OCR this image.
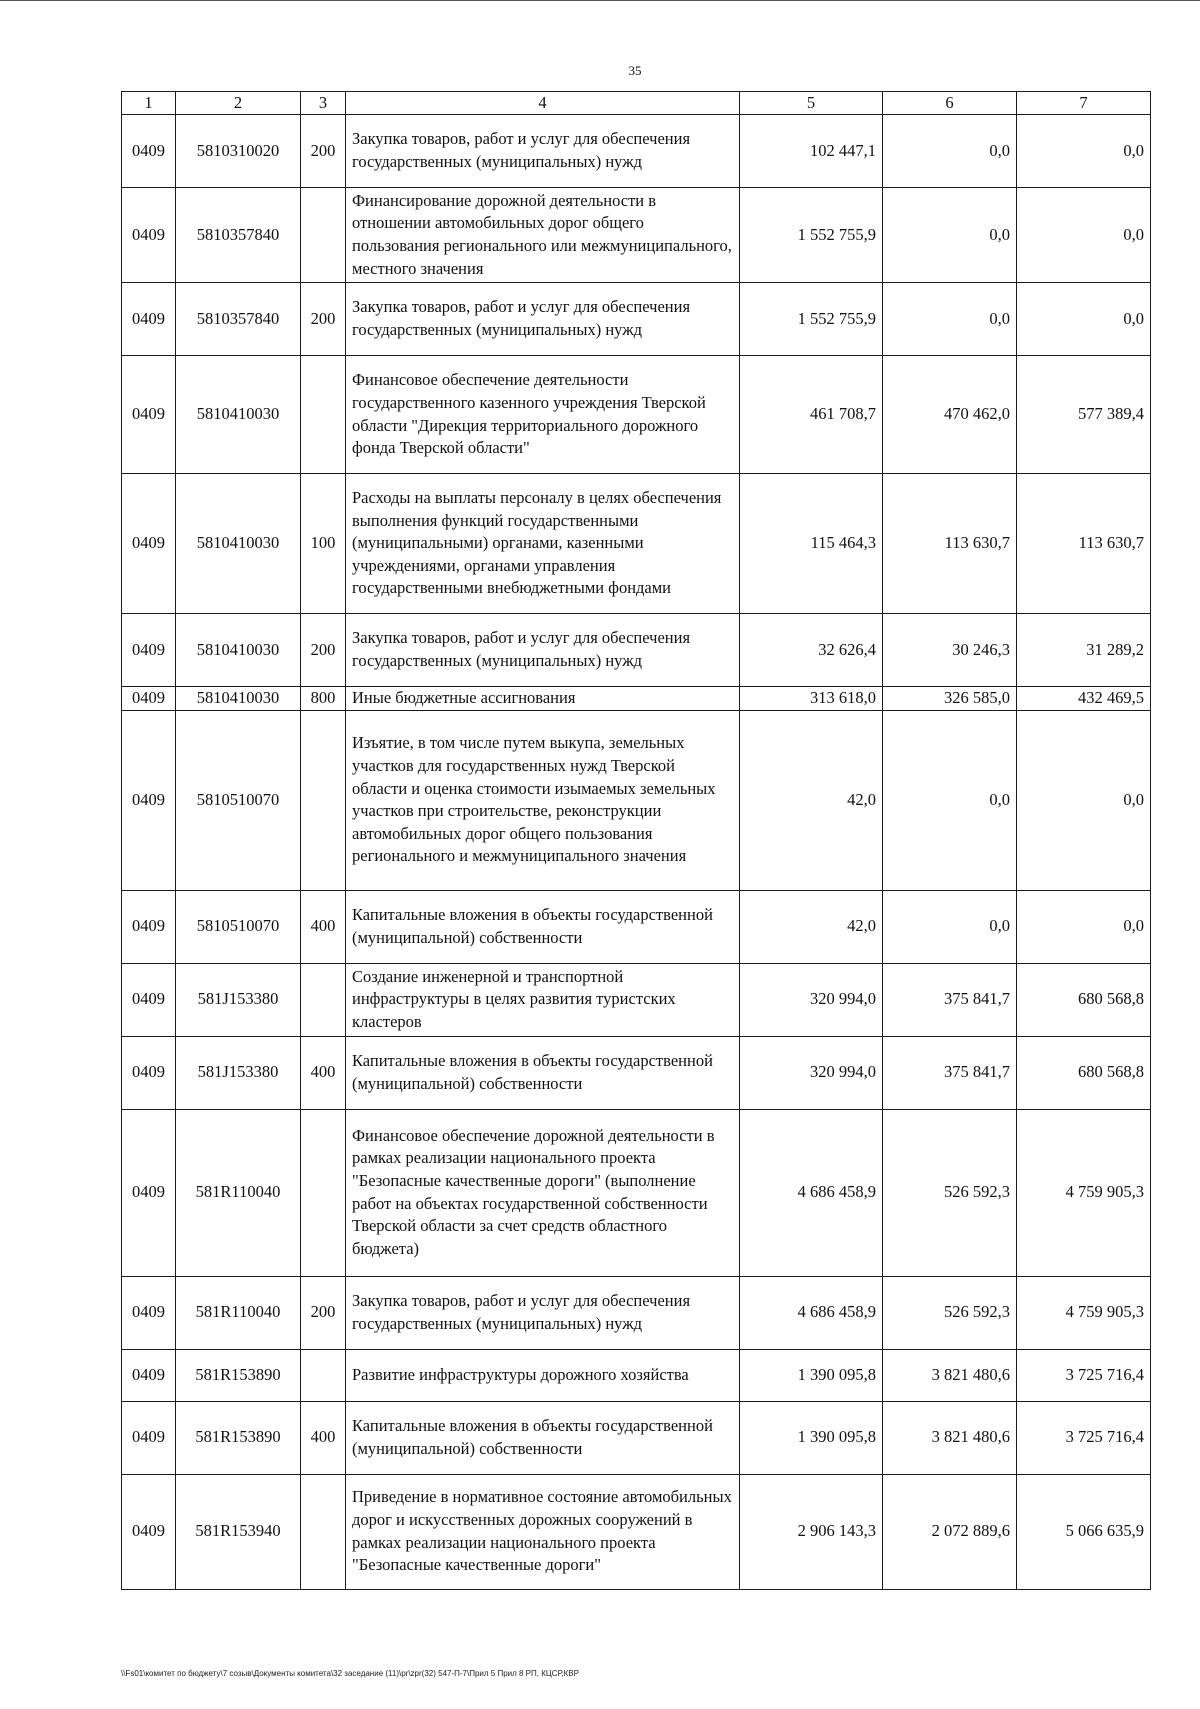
35
1	2	3	4	5	6	7
0409	5810310020	200	Закупка товаров, работ и услуг для обеспечения государственных (муниципальных) нужд	102 447,1	0,0	0,0
0409	5810357840		Финансирование дорожной деятельности в отношении автомобильных дорог общего пользования регионального или межмуниципального, местного значения	1 552 755,9	0,0	0,0
0409	5810357840	200	Закупка товаров, работ и услуг для обеспечения государственных (муниципальных) нужд	1 552 755,9	0,0	0,0
0409	5810410030		Финансовое обеспечение деятельности государственного казенного учреждения Тверской области "Дирекция территориального дорожного фонда Тверской области"	461 708,7	470 462,0	577 389,4
0409	5810410030	100	Расходы на выплаты персоналу в целях обеспечения выполнения функций государственными (муниципальными) органами, казенными учреждениями, органами управления государственными внебюджетными фондами	115 464,3	113 630,7	113 630,7
0409	5810410030	200	Закупка товаров, работ и услуг для обеспечения государственных (муниципальных) нужд	32 626,4	30 246,3	31 289,2
0409	5810410030	800	Иные бюджетные ассигнования	313 618,0	326 585,0	432 469,5
0409	5810510070		Изъятие, в том числе путем выкупа, земельных участков для государственных нужд Тверской области и оценка стоимости изымаемых земельных участков при строительстве, реконструкции автомобильных дорог общего пользования регионального и межмуниципального значения	42,0	0,0	0,0
0409	5810510070	400	Капитальные вложения в объекты государственной (муниципальной) собственности	42,0	0,0	0,0
0409	581J153380		Создание инженерной и транспортной инфраструктуры в целях развития туристских кластеров	320 994,0	375 841,7	680 568,8
0409	581J153380	400	Капитальные вложения в объекты государственной (муниципальной) собственности	320 994,0	375 841,7	680 568,8
0409	581R110040		Финансовое обеспечение дорожной деятельности в рамках реализации национального проекта "Безопасные качественные дороги" (выполнение работ на объектах государственной собственности Тверской области за счет средств областного бюджета)	4 686 458,9	526 592,3	4 759 905,3
0409	581R110040	200	Закупка товаров, работ и услуг для обеспечения государственных (муниципальных) нужд	4 686 458,9	526 592,3	4 759 905,3
0409	581R153890		Развитие инфраструктуры дорожного хозяйства	1 390 095,8	3 821 480,6	3 725 716,4
0409	581R153890	400	Капитальные вложения в объекты государственной (муниципальной) собственности	1 390 095,8	3 821 480,6	3 725 716,4
0409	581R153940		Приведение в нормативное состояние автомобильных дорог и искусственных дорожных сооружений в рамках реализации национального проекта "Безопасные качественные дороги"	2 906 143,3	2 072 889,6	5 066 635,9
\\Fs01\комитет по бюджету\7 созыв\Документы комитета\32 заседание (11)\pr\zpr(32) 547-П-7\Прил 5 Прил 8 РП, КЦСР,КВР
